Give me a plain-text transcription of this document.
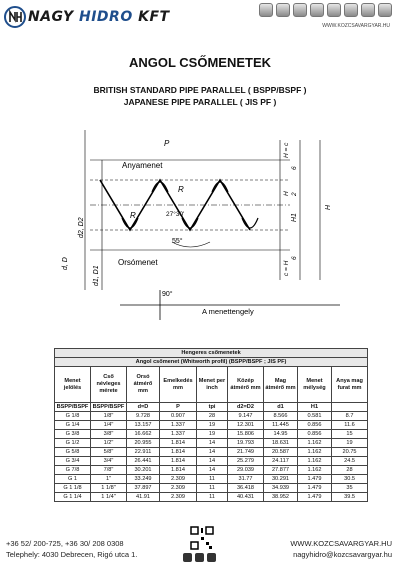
NAGY HIDRO KFT
WWW.KOZCSAVARGYAR.HU
ANGOL CSŐMENETEK
BRITISH STANDARD PIPE PARALLEL ( BSPP/BSPF )
JAPANESE PIPE PARALLEL ( JIS PF )
P
Anyamenet
Orsómenet
R
R	27°30'
55°
90°
A menettengely
d, D
d2, D2
d1, D1
H = c
6
H 2
H
H1
c = H
6
Hengeres csőmenetek								
Angol csőmenet (Whitworth profil) (BSPP/BSPF ; JIS PF)								
Menet jelölés	Cső névleges mérete	Orsó átmérő mm	Emelkedés mm	Menet per inch	Közép átmérő mm	Mag átmérő mm	Menet mélység	Anya mag furat mm
BSPP/BSPF	BSPP/BSPF	d=D	P	tpi	d2=D2	d1	H1	
G 1/8	1/8"	9.728	0.907	28	9.147	8.566	0.581	8.7
G 1/4	1/4"	13.157	1.337	19	12.301	11.445	0.856	11.6
G 3/8	3/8"	16.662	1.337	19	15.806	14.95	0.856	15
G 1/2	1/2"	20.955	1.814	14	19.793	18.631	1.162	19
G 5/8	5/8"	22.911	1.814	14	21.749	20.587	1.162	20.75
G 3/4	3/4"	26.441	1.814	14	25.279	24.117	1.162	24.5
G 7/8	7/8"	30.201	1.814	14	29.039	27.877	1.162	28
G 1	1"	33.249	2.309	11	31.77	30.291	1.479	30.5
G 1 1/8	1 1/8"	37.897	2.309	11	36.418	34.939	1.479	35
G 1 1/4	1 1/4"	41.91	2.309	11	40.431	38.952	1.479	39.5
+36 52/ 200-725, +36 30/ 208 0308
Telephely: 4030 Debrecen, Rigó utca 1.
WWW.KOZCSAVARGYAR.HU
nagyhidro@kozcsavargyar.hu
